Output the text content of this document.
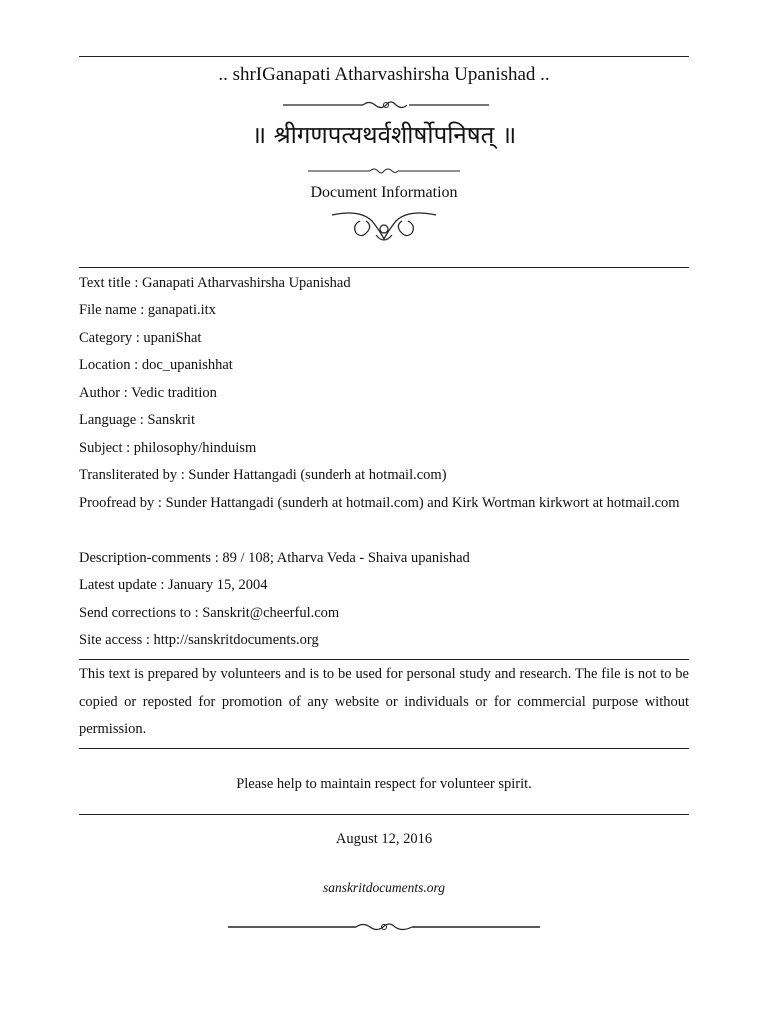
.. shrIGanapati Atharvashirsha Upanishad ..
॥ श्रीगणपत्यथर्वशीर्षोपनिषत् ॥
Document Information

Text title : Ganapati Atharvashirsha Upanishad

File name : ganapati.itx

Category : upaniShat

Location : doc_upanishhat

Author : Vedic tradition

Language : Sanskrit

Subject : philosophy/hinduism

Transliterated by : Sunder Hattangadi (sunderh at hotmail.com)

Proofread by : Sunder Hattangadi (sunderh at hotmail.com) and Kirk Wortman kirkwort at hotmail.com

Description-comments : 89 / 108; Atharva Veda - Shaiva upanishad

Latest update : January 15, 2004

Send corrections to : Sanskrit@cheerful.com

Site access : http://sanskritdocuments.org

This text is prepared by volunteers and is to be used for personal study and research. The file is not to be copied or reposted for promotion of any website or individuals or for commercial purpose without permission.

Please help to maintain respect for volunteer spirit.
August 12, 2016
sanskritdocuments.org
